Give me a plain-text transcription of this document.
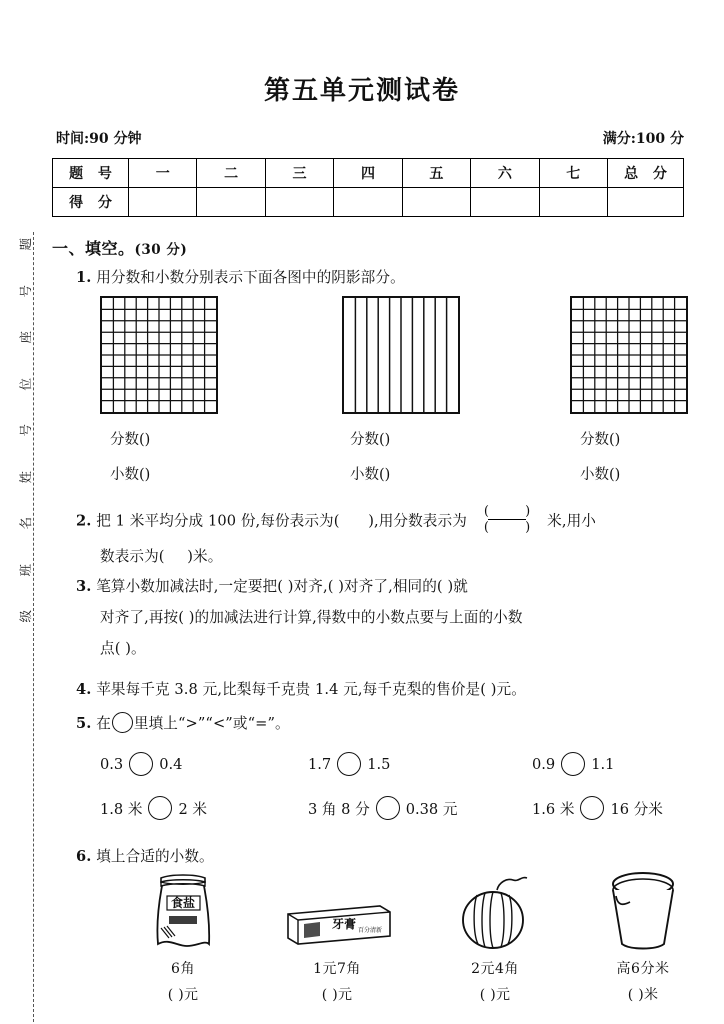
题
号
座
位
号
姓
名
班
级
第五单元测试卷
时间:90 分钟	满分:100 分
题 号	一	二	三	四	五	六	七	总 分
得 分								
一、填空。(30 分)
1. 用分数和小数分别表示下面各图中的阴影部分。
分数()	分数()	分数()
小数()	小数()	小数()
2. 把 1 米平均分成 100 份,每份表示为( ),用分数表示为 $\frac{( )}{( )}$ 米,用小
数表示为( )米。
3. 笔算小数加减法时,一定要把( )对齐,( )对齐了,相同的( )就
对齐了,再按( )的加减法进行计算,得数中的小数点要与上面的小数
点( )。
4. 苹果每千克 3.8 元,比梨每千克贵 1.4 元,每千克梨的售价是( )元。
5. 在 里填上“>”“<”或“=”。
0.3 0.4	1.7 1.5	0.9 1.1
1.8 米 2 米	3 角 8 分 0.38 元	1.6 米 16 分米
6. 填上合适的小数。
食盐
6角
( )元
牙膏 百分清新
1元7角
( )元
2元4角
( )元
高6分米
( )米
